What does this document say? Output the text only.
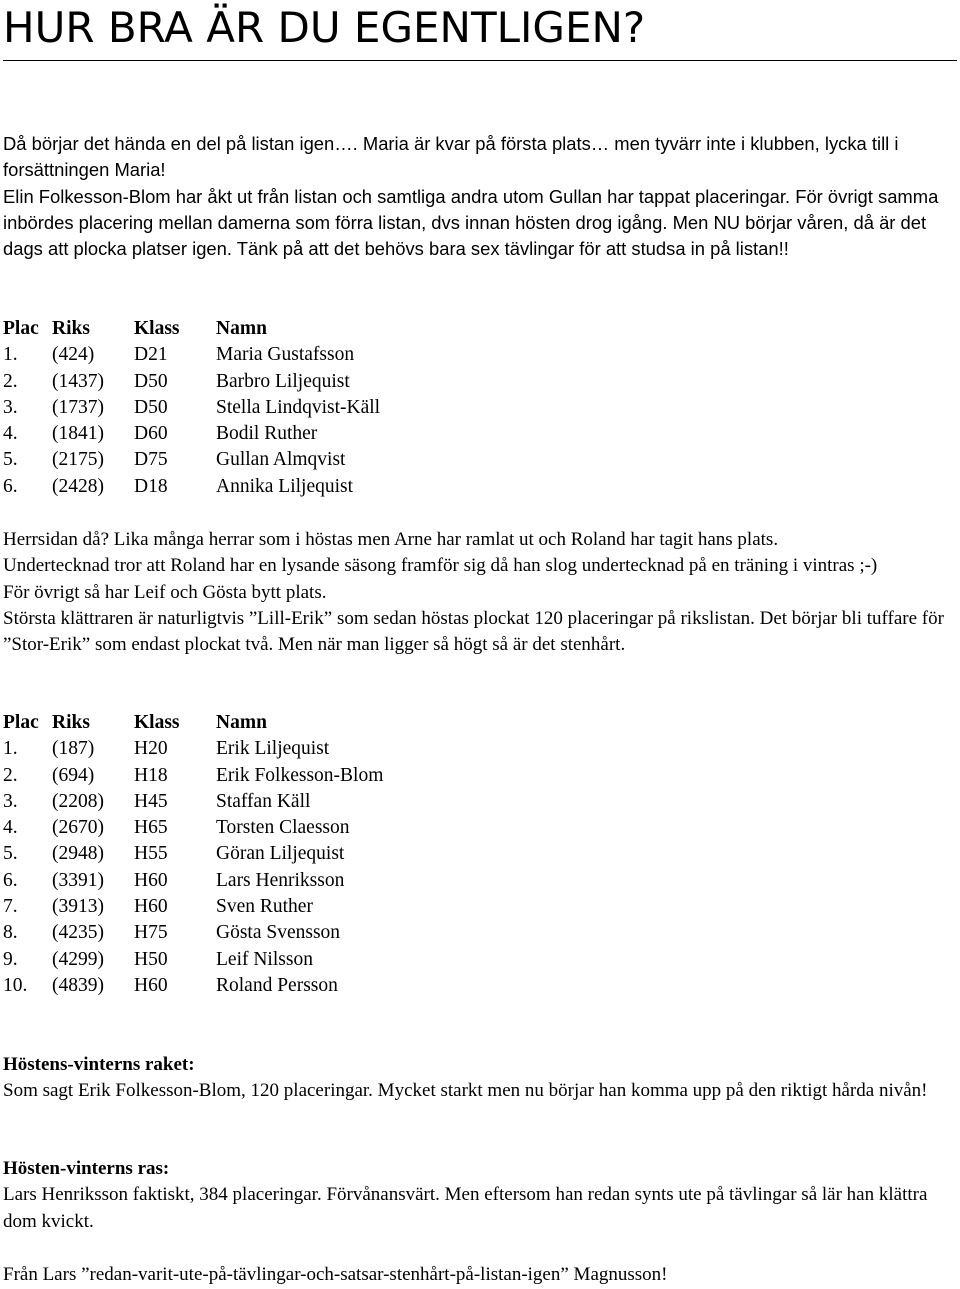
HUR BRA ÄR DU EGENTLIGEN?

Då börjar det hända en del på listan igen…. Maria är kvar på första plats… men tyvärr inte i klubben, lycka till i forsättningen Maria!

Elin Folkesson-Blom har åkt ut från listan och samtliga andra utom Gullan har tappat placeringar. För övrigt samma inbördes placering mellan damerna som förra listan, dvs innan hösten drog igång. Men NU börjar våren, då är det dags att plocka platser igen. Tänk på att det behövs bara sex tävlingar för att studsa in på listan!!

Plac Riks Klass Namn
1. (424) D21 Maria Gustafsson
2. (1437) D50 Barbro Liljequist
3. (1737) D50 Stella Lindqvist-Käll
4. (1841) D60 Bodil Ruther
5. (2175) D75 Gullan Almqvist
6. (2428) D18 Annika Liljequist

Herrsidan då? Lika många herrar som i höstas men Arne har ramlat ut och Roland har tagit hans plats.

Undertecknad tror att Roland har en lysande säsong framför sig då han slog undertecknad på en träning i vintras ;-)

För övrigt så har Leif och Gösta bytt plats.

Största klättraren är naturligtvis ”Lill-Erik” som sedan höstas plockat 120 placeringar på rikslistan. Det börjar bli tuffare för ”Stor-Erik” som endast plockat två. Men när man ligger så högt så är det stenhårt.

Plac Riks Klass Namn
1. (187) H20 Erik Liljequist
2. (694) H18 Erik Folkesson-Blom
3. (2208) H45 Staffan Käll
4. (2670) H65 Torsten Claesson
5. (2948) H55 Göran Liljequist
6. (3391) H60 Lars Henriksson
7. (3913) H60 Sven Ruther
8. (4235) H75 Gösta Svensson
9. (4299) H50 Leif Nilsson
10. (4839) H60 Roland Persson

Höstens-vinterns raket:

Som sagt Erik Folkesson-Blom, 120 placeringar. Mycket starkt men nu börjar han komma upp på den riktigt hårda nivån!

Hösten-vinterns ras:

Lars Henriksson faktiskt, 384 placeringar. Förvånansvärt. Men eftersom han redan synts ute på tävlingar så lär han klättra dom kvickt.

Från Lars ”redan-varit-ute-på-tävlingar-och-satsar-stenhårt-på-listan-igen” Magnusson!
